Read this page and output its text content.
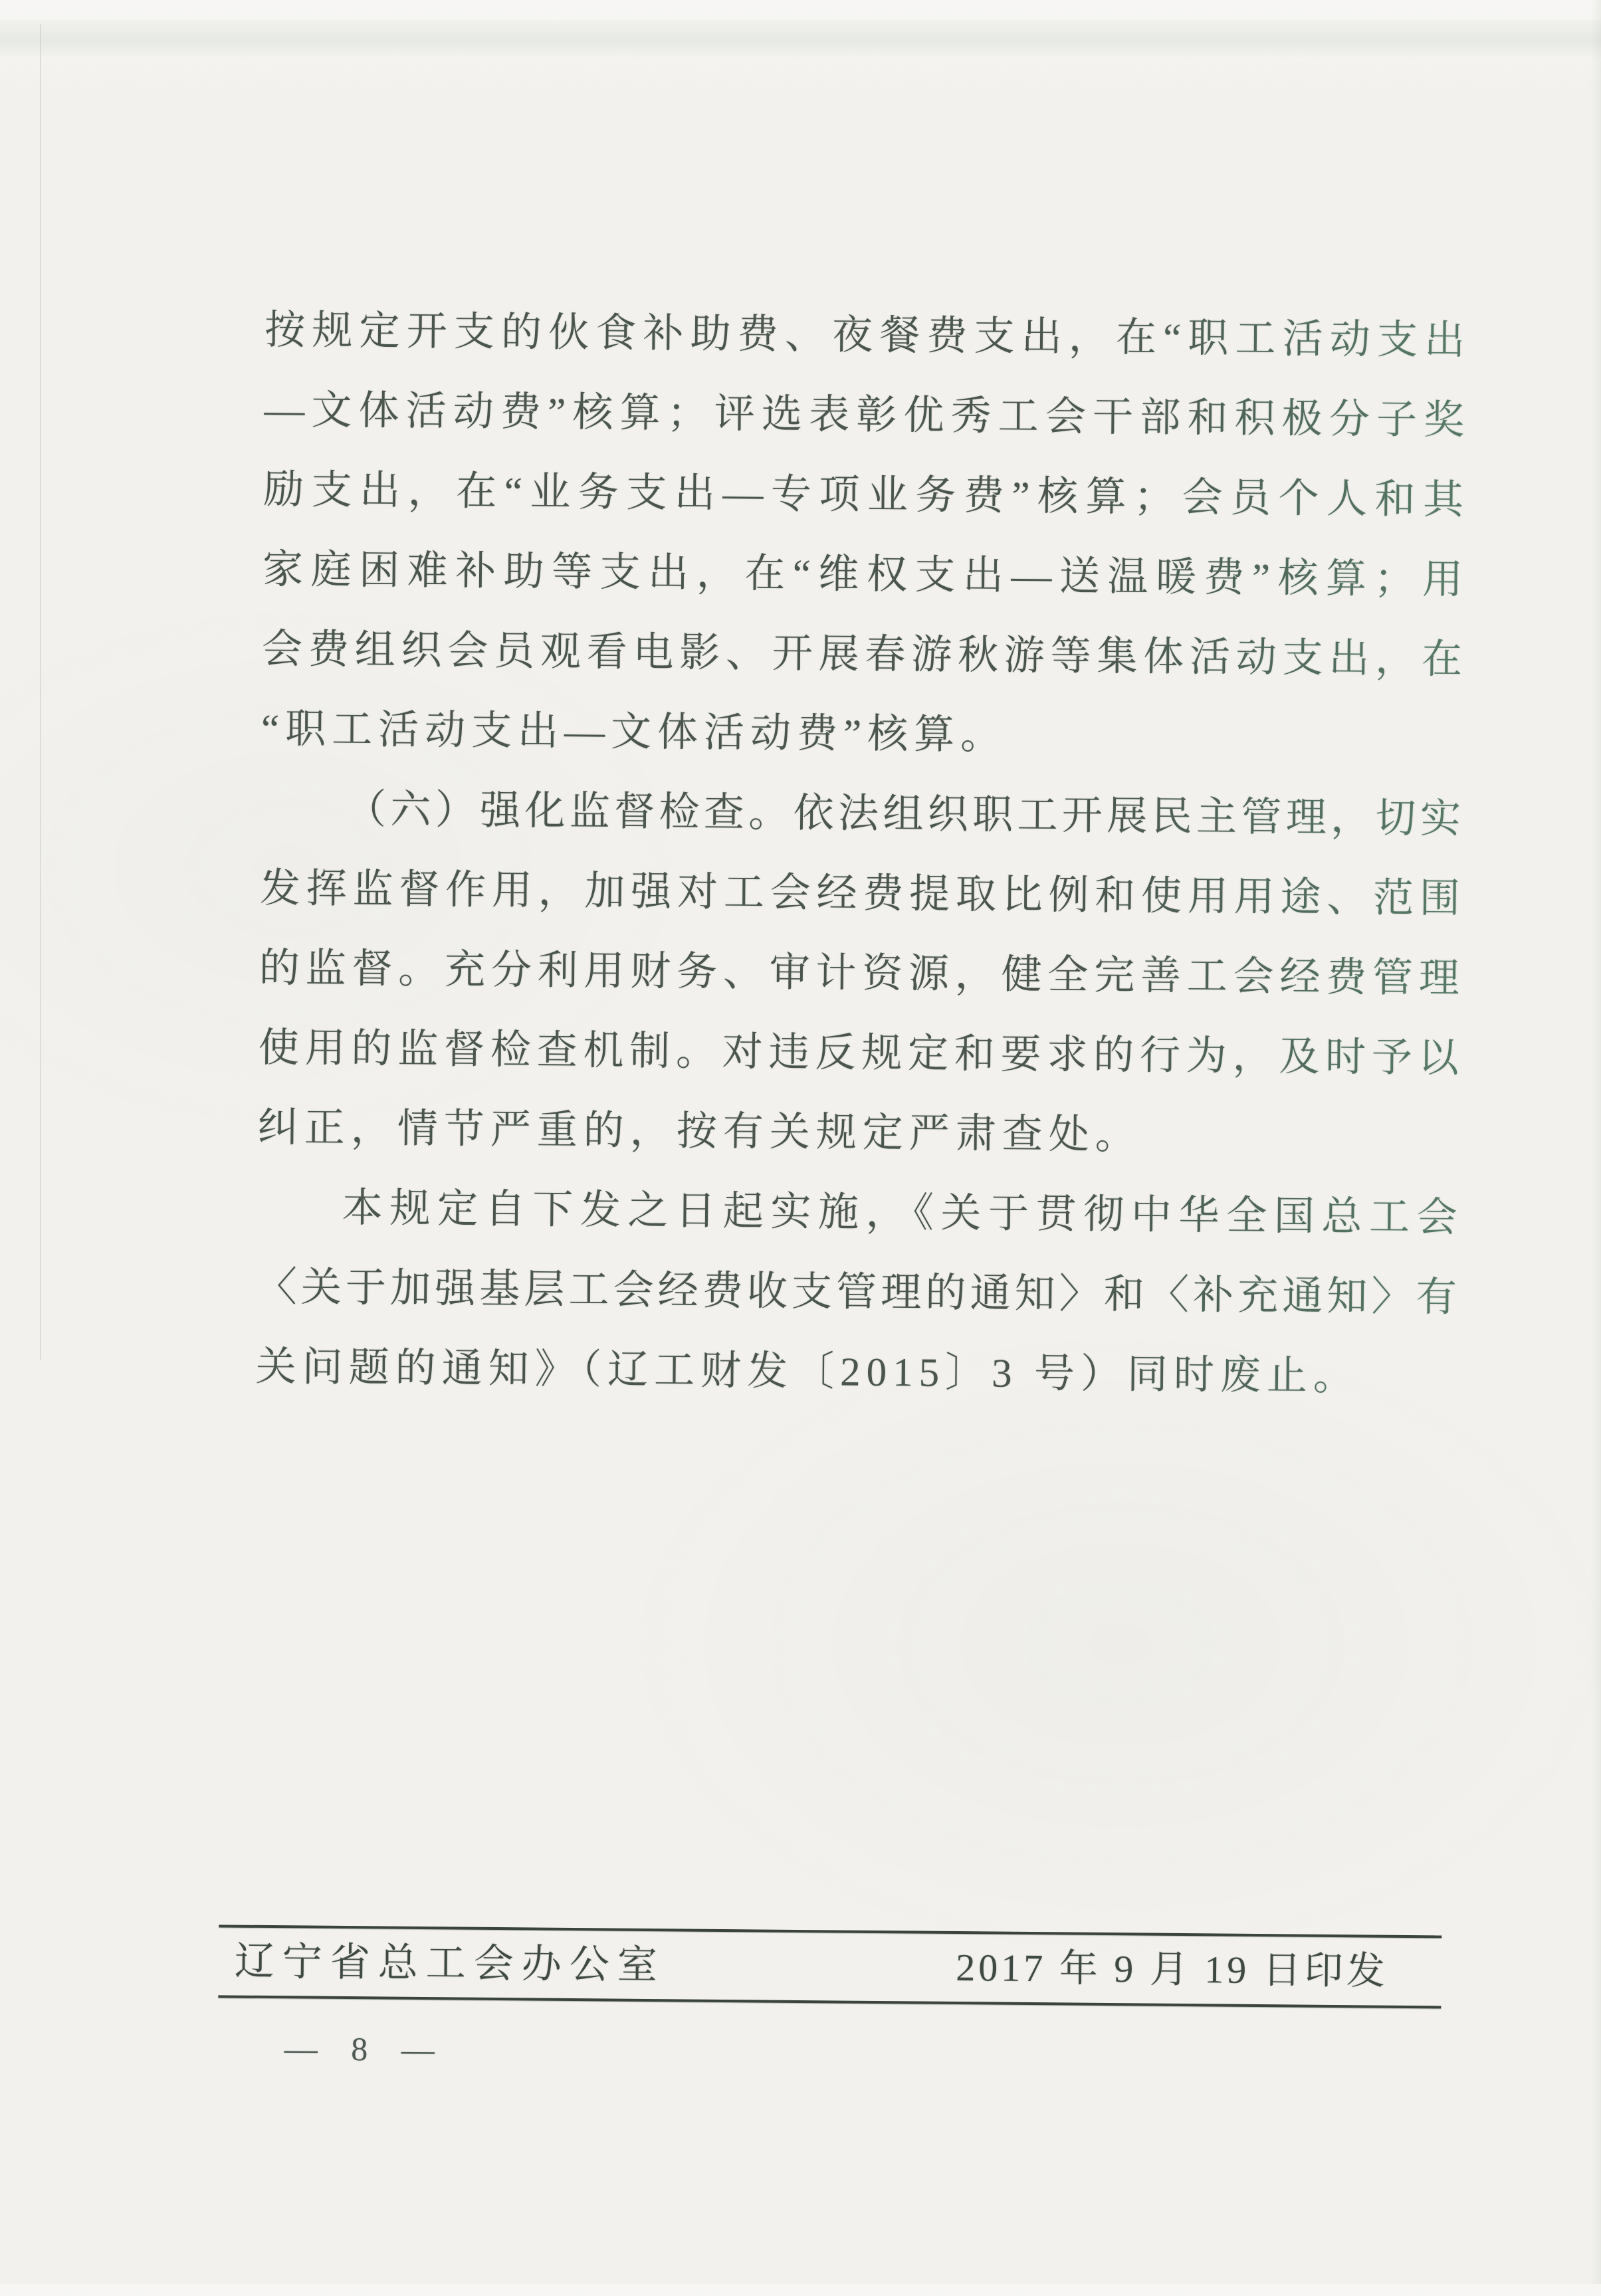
按规定开支的伙食补助费、夜餐费支出，在“职工活动支出
—文体活动费”核算；评选表彰优秀工会干部和积极分子奖
励支出，在“业务支出—专项业务费”核算；会员个人和其
家庭困难补助等支出，在“维权支出—送温暖费”核算；用
会费组织会员观看电影、开展春游秋游等集体活动支出，在
“职工活动支出—文体活动费”核算。
（六）强化监督检查。依法组织职工开展民主管理，切实
发挥监督作用，加强对工会经费提取比例和使用用途、范围
的监督。充分利用财务、审计资源，健全完善工会经费管理
使用的监督检查机制。对违反规定和要求的行为，及时予以
纠正，情节严重的，按有关规定严肃查处。
本规定自下发之日起实施，《关于贯彻中华全国总工会
〈关于加强基层工会经费收支管理的通知〉和〈补充通知〉有
关问题的通知》（辽工财发〔2015〕3 号）同时废止。
辽宁省总工会办公室	2017 年 9 月 19 日印发
— 8 —
